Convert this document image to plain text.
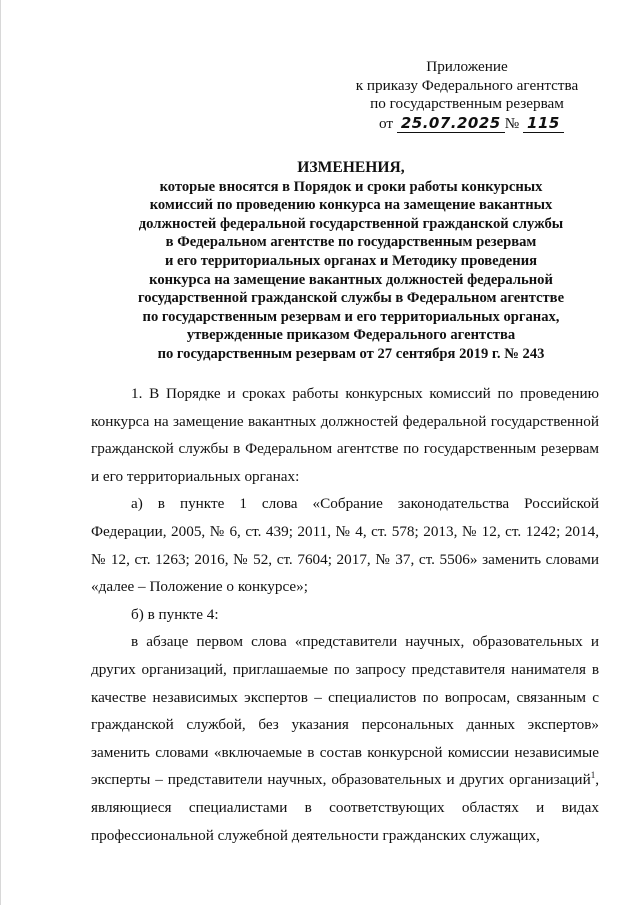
Приложение
к приказу Федерального агентства
по государственным резервам
от 25.07.2025 № 115
ИЗМЕНЕНИЯ,
которые вносятся в Порядок и сроки работы конкурсных
комиссий по проведению конкурса на замещение вакантных
должностей федеральной государственной гражданской службы
в Федеральном агентстве по государственным резервам
и его территориальных органах и Методику проведения
конкурса на замещение вакантных должностей федеральной
государственной гражданской службы в Федеральном агентстве
по государственным резервам и его территориальных органах,
утвержденные приказом Федерального агентства
по государственным резервам от 27 сентября 2019 г. № 243

1. В Порядке и сроках работы конкурсных комиссий по проведению конкурса на замещение вакантных должностей федеральной государственной гражданской службы в Федеральном агентстве по государственным резервам и его территориальных органах:

а) в пункте 1 слова «Собрание законодательства Российской Федерации, 2005, № 6, ст. 439; 2011, № 4, ст. 578; 2013, № 12, ст. 1242; 2014, № 12, ст. 1263; 2016, № 52, ст. 7604; 2017, № 37, ст. 5506» заменить словами «далее – Положение о конкурсе»;

б) в пункте 4:

в абзаце первом слова «представители научных, образовательных и других организаций, приглашаемые по запросу представителя нанимателя в качестве независимых экспертов – специалистов по вопросам, связанным с гражданской службой, без указания персональных данных экспертов» заменить словами «включаемые в состав конкурсной комиссии независимые эксперты – представители научных, образовательных и других организаций$^1$, являющиеся специалистами в соответствующих областях и видах профессиональной служебной деятельности гражданских служащих,
